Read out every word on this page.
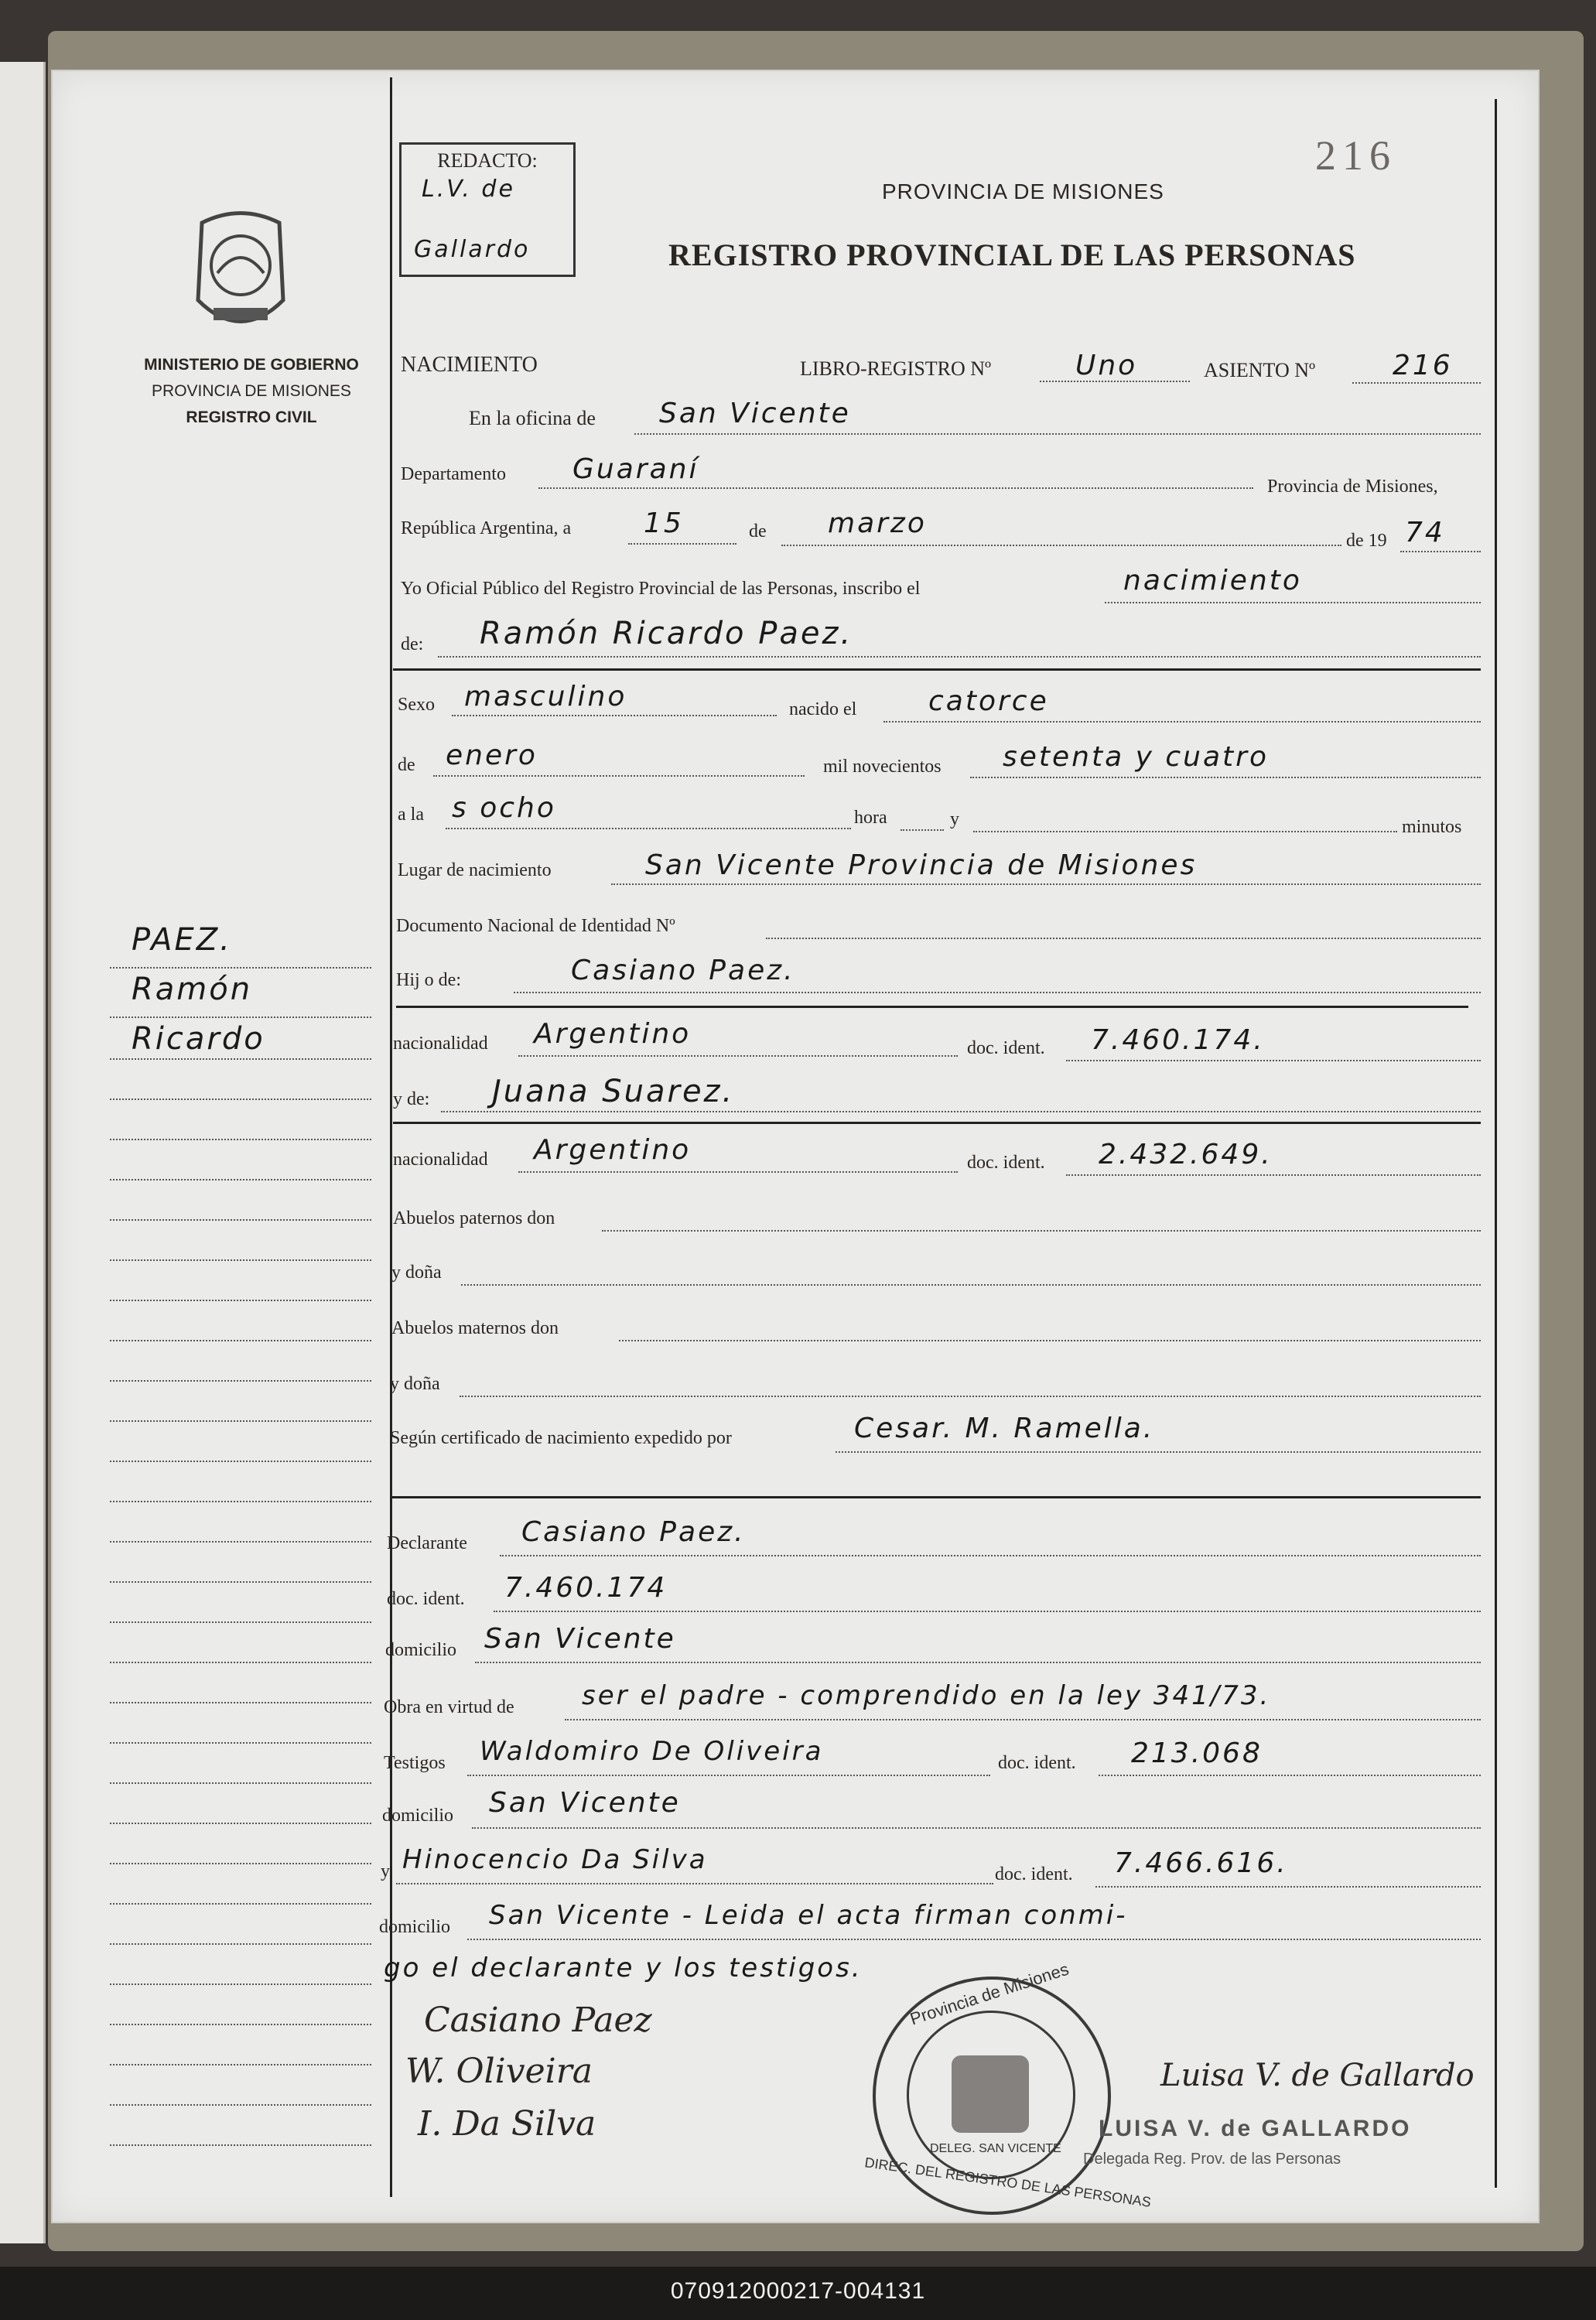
MINISTERIO DE GOBIERNO
PROVINCIA DE MISIONES
REGISTRO CIVIL
REDACTO:
L.V. de
Gallardo
216
PROVINCIA DE MISIONES
REGISTRO PROVINCIAL DE LAS PERSONAS
PAEZ.
Ramón
Ricardo
NACIMIENTO	LIBRO-REGISTRO Nº	Uno	ASIENTO Nº	216
En la oficina de San Vicente
Departamento Guaraní
Provincia de Misiones,
República Argentina, a	15	de marzo
de 19 74
Yo Oficial Público del Registro Provincial de las Personas, inscribo el	nacimiento
de: Ramón Ricardo Paez.
Sexo masculino	nacido el	catorce
de enero	mil novecientos setenta y cuatro
a la s ocho	hora	y	minutos
Lugar de nacimiento	San Vicente Provincia de Misiones
Documento Nacional de Identidad Nº
Hij o de:	Casiano Paez.
nacionalidad Argentino	doc. ident. 7.460.174.
y de: Juana Suarez.
nacionalidad Argentino	doc. ident. 2.432.649.
Abuelos paternos don
y doña
Abuelos maternos don
y doña
Según certificado de nacimiento expedido por	Cesar. M. Ramella.
Declarante Casiano Paez.
doc. ident. 7.460.174
domicilio San Vicente
Obra en virtud de	ser el padre - comprendido en la ley 341/73.
Testigos Waldomiro De Oliveira	doc. ident. 213.068
domicilio San Vicente
y Hinocencio Da Silva	doc. ident. 7.466.616.
domicilio San Vicente - Leida el acta firman conmi-
go el declarante y los testigos.
Casiano Paez
W. Oliveira
I. Da Silva
Provincia de Misiones
DELEG. SAN VICENTE
DIREC. DEL REGISTRO DE LAS PERSONAS
Luisa V. de Gallardo
LUISA V. de GALLARDO
Delegada Reg. Prov. de las Personas
070912000217-004131
